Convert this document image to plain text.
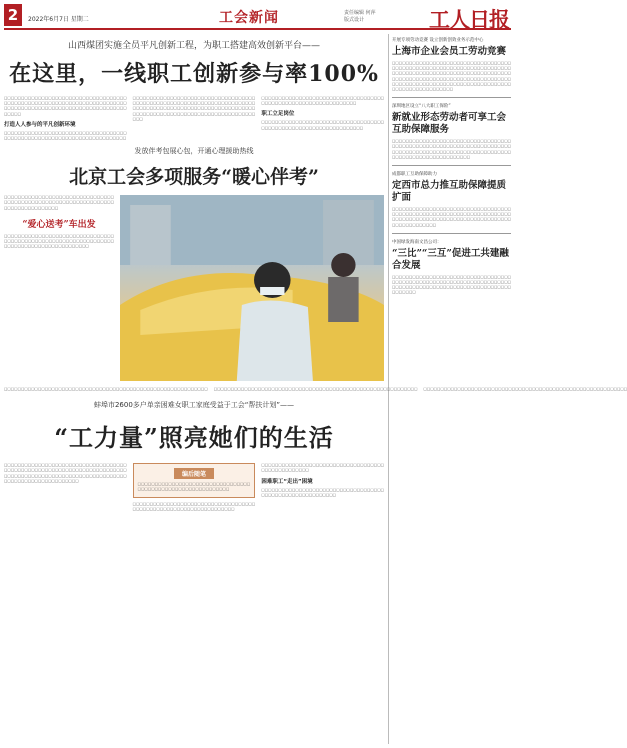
2	2022年6月7日 星期二	工会新闻	责任编辑 何萍
版式设计	工人日报
山西煤团实施全员平凡创新工程，为职工搭建高效创新平台——
在这里，一线职工创新参与率100%
​□□□□□□□□□□□□□□□□□□□□□□□□□□□□□□□□□□□□□□□□□□□□□□□□□□□□□□□□□□□□□□□□□□□□□□□□□□□□□□□□□□□□□□□□□□□□□□□□□□□□□□□□□□□□□□□□□
打造人人参与的平凡创新环境
□□□□□□□□□□□□□□□□□□□□□□□□□□□□□□□□□□□□□□□□□□□□□□□□□□□□□□□□□□□□□□□□□□□□□□□□
□□□□□□□□□□□□□□□□□□□□□□□□□□□□□□□□□□□□□□□□□□□□□□□□□□□□□□□□□□□□□□□□□□□□□□□□□□□□□□□□□□□□□□□□□□□□□□□□□□□□□□□□□□□□□□□□□□□□□□□□□□□□□□□□□□□□□□□□□□□□□□□□□□□
□□□□□□□□□□□□□□□□□□□□□□□□□□□□□□□□□□□□□□□□□□□□□□□□□□□□□□□□□□□□□□□□
职工立足岗位
□□□□□□□□□□□□□□□□□□□□□□□□□□□□□□□□□□□□□□□□□□□□□□□□□□□□□□□□□□□□□□□□□□
发放伴考包展心包，开通心理援助热线
北京工会多项服务“暖心伴考”
□□□□□□□□□□□□□□□□□□□□□□□□□□□□□□□□□□□□□□□□□□□□□□□□□□□□□□□□□□□□□□□□□□□□□□□□□□□□□□□□
“爱心送考”车出发
□□□□□□□□□□□□□□□□□□□□□□□□□□□□□□□□□□□□□□□□□□□□□□□□□□□□□□□□□□□□□□□□□□□□□□□□□□□□□□□□□□□□□□□□□
□□□□□□□□□□□□□□□□□□□□□□□□□□□□□□□□□□□□□□□□□□□□□□□□□□□□□□□□□□□□ □□□□□□□□□□□□□□□□□□□□□□□□□□□□□□□□□□□□□□□□□□□□□□□□□□□□□□□□□□□□ □□□□□□□□□□□□□□□□□□□□□□□□□□□□□□□□□□□□□□□□□□□□□□□□□□□□□□□□□□□□
蚌埠市2600多户单亲困难女职工家庭受益于工会“帮扶计划”——
“工力量”照亮她们的生活
□□□□□□□□□□□□□□□□□□□□□□□□□□□□□□□□□□□□□□□□□□□□□□□□□□□□□□□□□□□□□□□□□□□□□□□□□□□□□□□□□□□□□□□□□□□□□□□□□□□□□□□□□□□□□□□□□□□□□□□□□□□□□□□□□□
编后随笔
□□□□□□□□□□□□□□□□□□□□□□□□□□□□□□□□□□□□□□□□□□□□□□□□□□□□□□□□□□□□
□□□□□□□□□□□□□□□□□□□□□□□□□□□□□□□□□□□□□□□□□□□□□□□□□□□□□□□□□□□□□□□□□□
□□□□□□□□□□□□□□□□□□□□□□□□□□□□□□□□□□□□□□□□□□□□□□□□□□
困难职工“走出”困境
□□□□□□□□□□□□□□□□□□□□□□□□□□□□□□□□□□□□□□□□□□□□□□□□□□□□□□□□□□
开展专项劳动竞赛 设立创新创效业务示范中心
上海市企业会员工劳动竞赛
□□□□□□□□□□□□□□□□□□□□□□□□□□□□□□□□□□□□□□□□□□□□□□□□□□□□□□□□□□□□□□□□□□□□□□□□□□□□□□□□□□□□□□□□□□□□□□□□□□□□□□□□□□□□□□□□□□□□□□□□□□□□□□□□□□□□□□□□□□□□□□□□□□□□□□□□□□□□□□□□□□□□□□□□□□□□□□□□□□□□□□□□□□□□□□□□□
深圳地区设立“八大职工保险”
新就业形态劳动者可享工会互助保障服务
□□□□□□□□□□□□□□□□□□□□□□□□□□□□□□□□□□□□□□□□□□□□□□□□□□□□□□□□□□□□□□□□□□□□□□□□□□□□□□□□□□□□□□□□□□□□□□□□□□□□□□□□□□□□□□□□□□□□□□□□□□□□□□□□
成都职工互助保障助力
定西市总力推互助保障提质扩面
□□□□□□□□□□□□□□□□□□□□□□□□□□□□□□□□□□□□□□□□□□□□□□□□□□□□□□□□□□□□□□□□□□□□□□□□□□□□□□□□□□□□□□□□□□□□□□□□□□□□□□□□□□□□□□□□□□□□□□
中国绿发海南文昌公司：
“三比”“三互”促进工共建融合发展
□□□□□□□□□□□□□□□□□□□□□□□□□□□□□□□□□□□□□□□□□□□□□□□□□□□□□□□□□□□□□□□□□□□□□□□□□□□□□□□□□□□□□□□□□□□□□□□□□□□□□□□□□□□□□□□□
